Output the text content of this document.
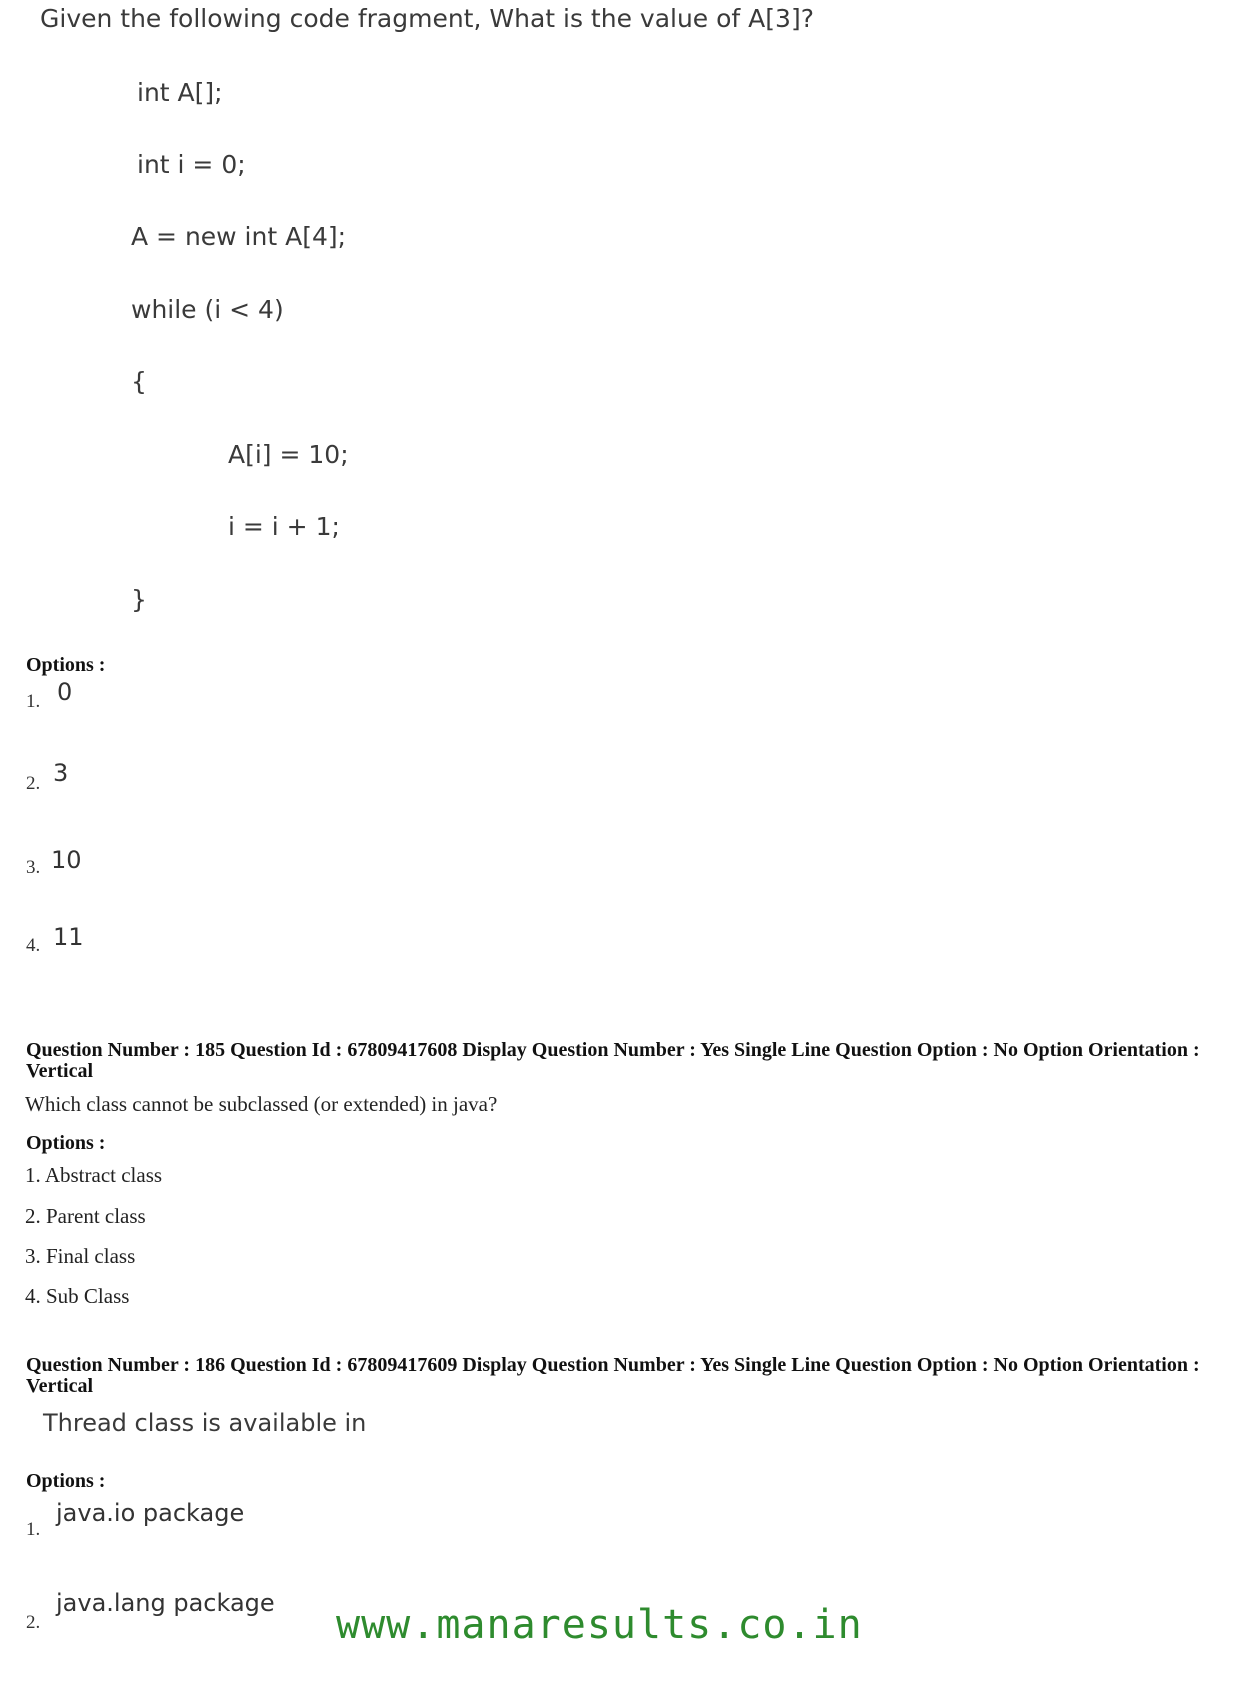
Given the following code fragment, What is the value of A[3]?
int A[];
int i = 0;
A = new int A[4];
while (i < 4)
{
A[i] = 10;
i = i + 1;
}
Options :
1. 0
2. 3
3. 10
4. 11
Question Number : 185 Question Id : 67809417608 Display Question Number : Yes Single Line Question Option : No Option Orientation : Vertical
Which class cannot be subclassed (or extended) in java?
Options :
1. Abstract class
2. Parent class
3. Final class
4. Sub Class
Question Number : 186 Question Id : 67809417609 Display Question Number : Yes Single Line Question Option : No Option Orientation : Vertical
Thread class is available in
Options :
1.
java.io package
2.
java.lang package www.manaresults.co.in
